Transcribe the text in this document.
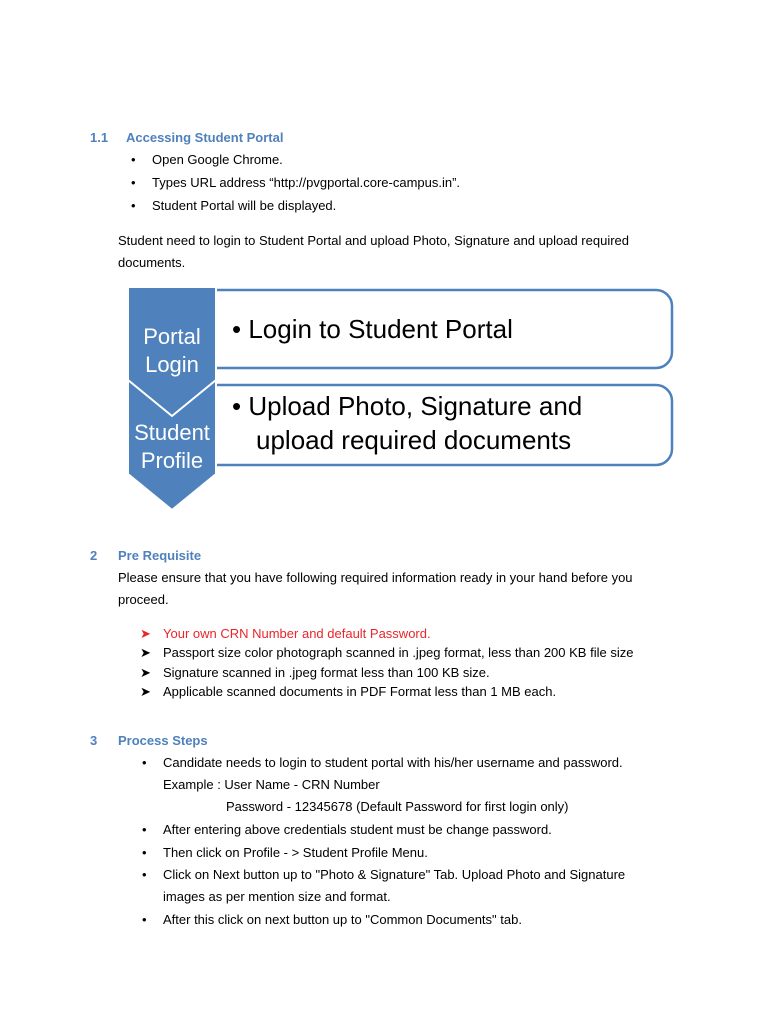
1.1 Accessing Student Portal
• Open Google Chrome.
• Types URL address “http://pvgportal.core-campus.in”.
• Student Portal will be displayed.
Student need to login to Student Portal and upload Photo, Signature and upload required
documents.
Portal
Login
Student
Profile
• Login to Student Portal
• Upload Photo, Signature and
upload required documents
2 Pre Requisite
Please ensure that you have following required information ready in your hand before you
proceed.
➤ Your own CRN Number and default Password.
➤ Passport size color photograph scanned in .jpeg format, less than 200 KB file size
➤ Signature scanned in .jpeg format less than 100 KB size.
➤ Applicable scanned documents in PDF Format less than 1 MB each.
3 Process Steps
• Candidate needs to login to student portal with his/her username and password.
Example : User Name - CRN Number
Password - 12345678 (Default Password for first login only)
• After entering above credentials student must be change password.
• Then click on Profile - > Student Profile Menu.
• Click on Next button up to "Photo & Signature" Tab. Upload Photo and Signature
images as per mention size and format.
• After this click on next button up to "Common Documents" tab.
